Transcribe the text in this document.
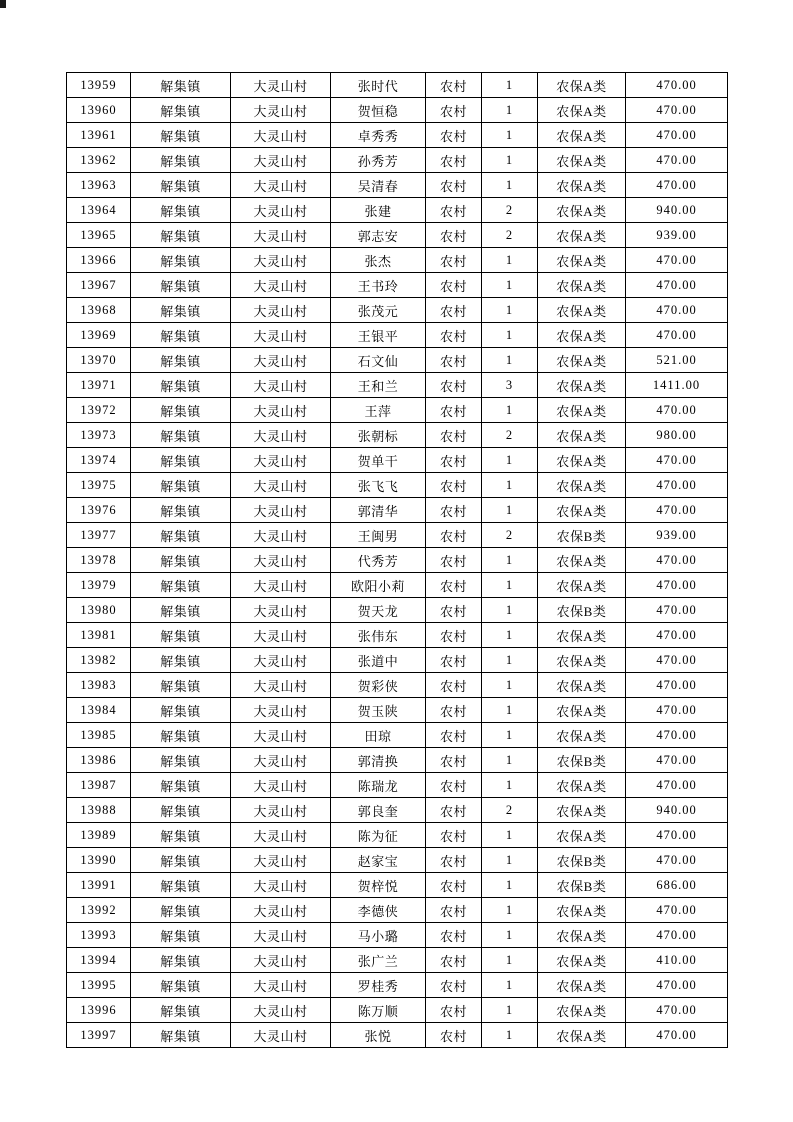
13959	解集镇	大灵山村	张时代	农村	1	农保A类	470.00
13960	解集镇	大灵山村	贺恒稳	农村	1	农保A类	470.00
13961	解集镇	大灵山村	卓秀秀	农村	1	农保A类	470.00
13962	解集镇	大灵山村	孙秀芳	农村	1	农保A类	470.00
13963	解集镇	大灵山村	吴清春	农村	1	农保A类	470.00
13964	解集镇	大灵山村	张建	农村	2	农保A类	940.00
13965	解集镇	大灵山村	郭志安	农村	2	农保A类	939.00
13966	解集镇	大灵山村	张杰	农村	1	农保A类	470.00
13967	解集镇	大灵山村	王书玲	农村	1	农保A类	470.00
13968	解集镇	大灵山村	张茂元	农村	1	农保A类	470.00
13969	解集镇	大灵山村	王银平	农村	1	农保A类	470.00
13970	解集镇	大灵山村	石文仙	农村	1	农保A类	521.00
13971	解集镇	大灵山村	王和兰	农村	3	农保A类	1411.00
13972	解集镇	大灵山村	王萍	农村	1	农保A类	470.00
13973	解集镇	大灵山村	张朝标	农村	2	农保A类	980.00
13974	解集镇	大灵山村	贺单干	农村	1	农保A类	470.00
13975	解集镇	大灵山村	张飞飞	农村	1	农保A类	470.00
13976	解集镇	大灵山村	郭清华	农村	1	农保A类	470.00
13977	解集镇	大灵山村	王闽男	农村	2	农保B类	939.00
13978	解集镇	大灵山村	代秀芳	农村	1	农保A类	470.00
13979	解集镇	大灵山村	欧阳小莉	农村	1	农保A类	470.00
13980	解集镇	大灵山村	贺天龙	农村	1	农保B类	470.00
13981	解集镇	大灵山村	张伟东	农村	1	农保A类	470.00
13982	解集镇	大灵山村	张道中	农村	1	农保A类	470.00
13983	解集镇	大灵山村	贺彩侠	农村	1	农保A类	470.00
13984	解集镇	大灵山村	贺玉陕	农村	1	农保A类	470.00
13985	解集镇	大灵山村	田琼	农村	1	农保A类	470.00
13986	解集镇	大灵山村	郭清换	农村	1	农保B类	470.00
13987	解集镇	大灵山村	陈瑞龙	农村	1	农保A类	470.00
13988	解集镇	大灵山村	郭良奎	农村	2	农保A类	940.00
13989	解集镇	大灵山村	陈为征	农村	1	农保A类	470.00
13990	解集镇	大灵山村	赵家宝	农村	1	农保B类	470.00
13991	解集镇	大灵山村	贺梓悦	农村	1	农保B类	686.00
13992	解集镇	大灵山村	李德侠	农村	1	农保A类	470.00
13993	解集镇	大灵山村	马小璐	农村	1	农保A类	470.00
13994	解集镇	大灵山村	张广兰	农村	1	农保A类	410.00
13995	解集镇	大灵山村	罗桂秀	农村	1	农保A类	470.00
13996	解集镇	大灵山村	陈万顺	农村	1	农保A类	470.00
13997	解集镇	大灵山村	张悦	农村	1	农保A类	470.00
